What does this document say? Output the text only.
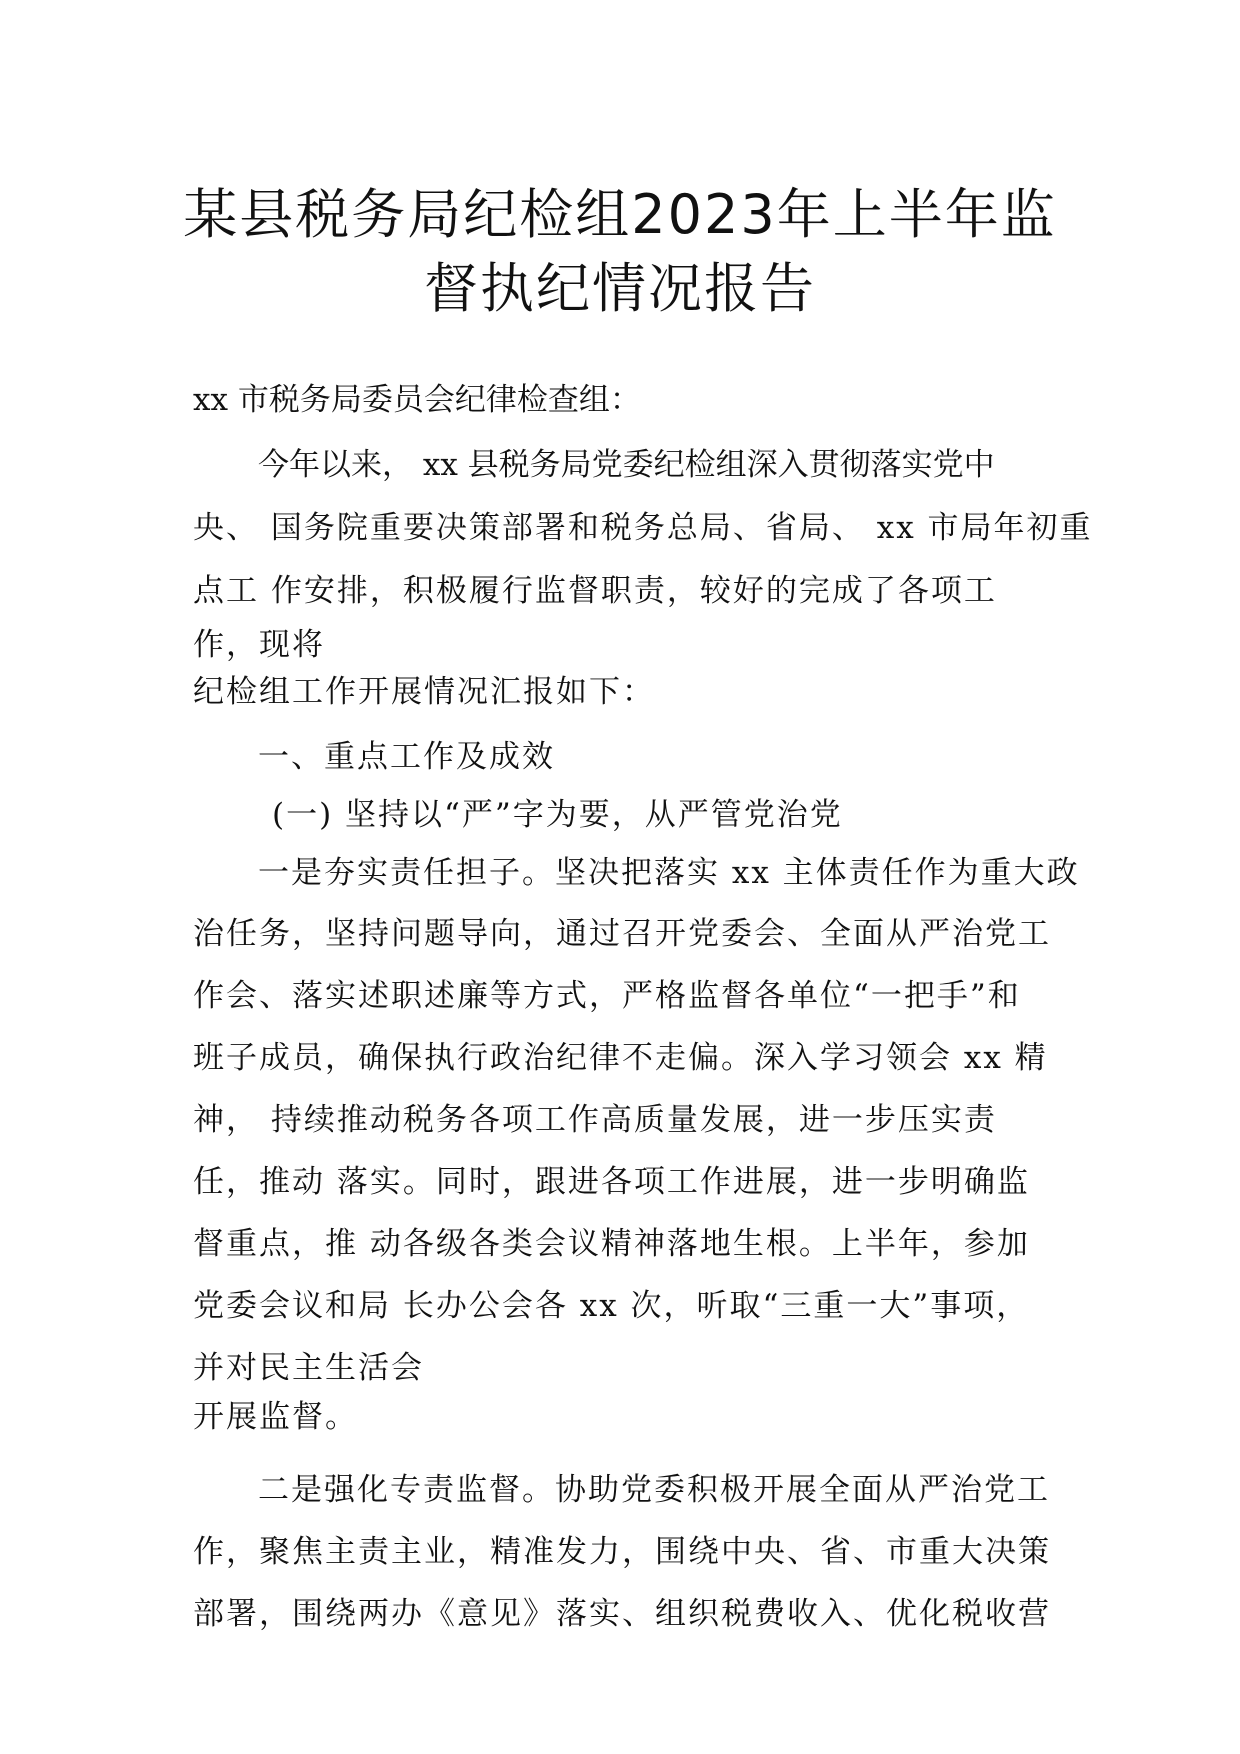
某县税务局纪检组2023年上半年监
督执纪情况报告

xx 市税务局委员会纪律检查组：

今年以来， xx 县税务局党委纪检组深入贯彻落实党中

央、 国务院重要决策部署和税务总局、省局、 xx 市局年初重

点工 作安排，积极履行监督职责，较好的完成了各项工

作，现将

纪检组工作开展情况汇报如下：

一、重点工作及成效

(一) 坚持以“严”字为要，从严管党治党

一是夯实责任担子。坚决把落实 xx 主体责任作为重大政

治任务，坚持问题导向，通过召开党委会、全面从严治党工

作会、落实述职述廉等方式，严格监督各单位“一把手”和

班子成员，确保执行政治纪律不走偏。深入学习领会 xx 精

神， 持续推动税务各项工作高质量发展，进一步压实责

任，推动 落实。同时，跟进各项工作进展，进一步明确监

督重点，推 动各级各类会议精神落地生根。上半年，参加

党委会议和局 长办公会各 xx 次，听取“三重一大”事项，

并对民主生活会

开展监督。

二是强化专责监督。协助党委积极开展全面从严治党工

作，聚焦主责主业，精准发力，围绕中央、省、市重大决策

部署，围绕两办《意见》落实、组织税费收入、优化税收营
